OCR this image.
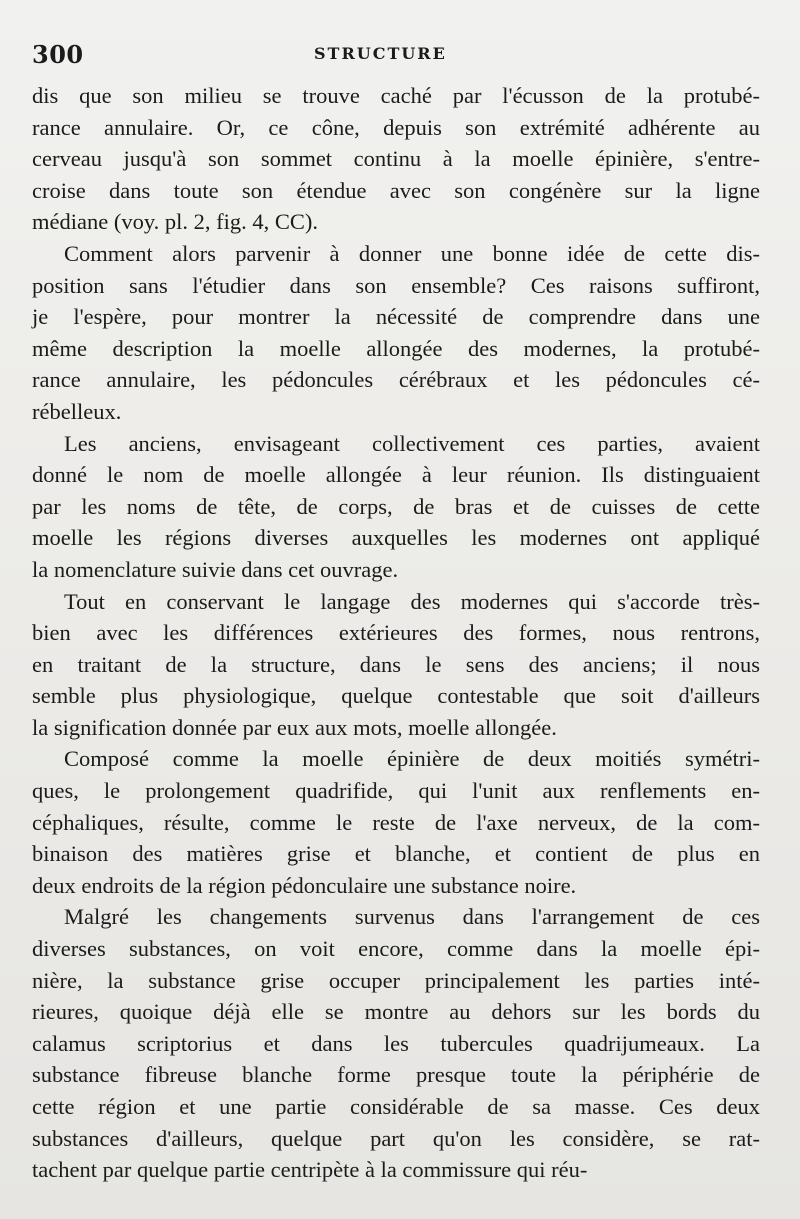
300	STRUCTURE
dis que son milieu se trouve caché par l'écusson de la protubé-
rance annulaire. Or, ce cône, depuis son extrémité adhérente au
cerveau jusqu'à son sommet continu à la moelle épinière, s'entre-
croise dans toute son étendue avec son congénère sur la ligne
médiane (voy. pl. 2, fig. 4, CC).
Comment alors parvenir à donner une bonne idée de cette dis-
position sans l'étudier dans son ensemble? Ces raisons suffiront,
je l'espère, pour montrer la nécessité de comprendre dans une
même description la moelle allongée des modernes, la protubé-
rance annulaire, les pédoncules cérébraux et les pédoncules cé-
rébelleux.
Les anciens, envisageant collectivement ces parties, avaient
donné le nom de moelle allongée à leur réunion. Ils distinguaient
par les noms de tête, de corps, de bras et de cuisses de cette
moelle les régions diverses auxquelles les modernes ont appliqué
la nomenclature suivie dans cet ouvrage.
Tout en conservant le langage des modernes qui s'accorde très-
bien avec les différences extérieures des formes, nous rentrons,
en traitant de la structure, dans le sens des anciens; il nous
semble plus physiologique, quelque contestable que soit d'ailleurs
la signification donnée par eux aux mots, moelle allongée.
Composé comme la moelle épinière de deux moitiés symétri-
ques, le prolongement quadrifide, qui l'unit aux renflements en-
céphaliques, résulte, comme le reste de l'axe nerveux, de la com-
binaison des matières grise et blanche, et contient de plus en
deux endroits de la région pédonculaire une substance noire.
Malgré les changements survenus dans l'arrangement de ces
diverses substances, on voit encore, comme dans la moelle épi-
nière, la substance grise occuper principalement les parties inté-
rieures, quoique déjà elle se montre au dehors sur les bords du
calamus scriptorius et dans les tubercules quadrijumeaux. La
substance fibreuse blanche forme presque toute la périphérie de
cette région et une partie considérable de sa masse. Ces deux
substances d'ailleurs, quelque part qu'on les considère, se rat-
tachent par quelque partie centripète à la commissure qui réu-
